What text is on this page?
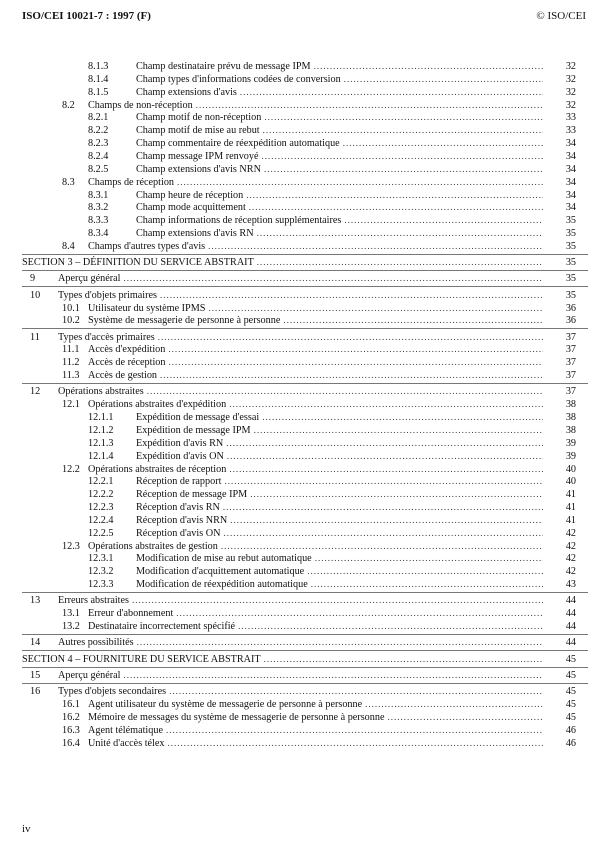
ISO/CEI 10021-7 : 1997 (F)	© ISO/CEI
8.1.3	Champ destinataire prévu de message IPM .....	32
8.1.4	Champ types d'informations codées de conversion .....	32
8.1.5	Champ extensions d'avis .....	32
8.2 Champs de non-réception .....	32
8.2.1	Champ motif de non-réception .....	33
8.2.2	Champ motif de mise au rebut .....	33
8.2.3	Champ commentaire de réexpédition automatique .....	34
8.2.4	Champ message IPM renvoyé .....	34
8.2.5	Champ extensions d'avis NRN .....	34
8.3 Champs de réception .....	34
8.3.1	Champ heure de réception .....	34
8.3.2	Champ mode acquittement .....	34
8.3.3	Champ informations de réception supplémentaires .....	35
8.3.4	Champ extensions d'avis RN .....	35
8.4 Champs d'autres types d'avis .....	35
SECTION 3 – DÉFINITION DU SERVICE ABSTRAIT .....	35
9 Aperçu général .....	35
10 Types d'objets primaires .....	35
10.1 Utilisateur du système IPMS .....	36
10.2 Système de messagerie de personne à personne .....	36
11 Types d'accès primaires .....	37
11.1 Accès d'expédition .....	37
11.2 Accès de réception .....	37
11.3 Accès de gestion .....	37
12 Opérations abstraites .....	37
12.1 Opérations abstraites d'expédition .....	38
12.1.1 Expédition de message d'essai .....	38
12.1.2 Expédition de message IPM .....	38
12.1.3 Expédition d'avis RN .....	39
12.1.4 Expédition d'avis ON .....	39
12.2 Opérations abstraites de réception .....	40
12.2.1 Réception de rapport .....	40
12.2.2 Réception de message IPM .....	41
12.2.3 Réception d'avis RN .....	41
12.2.4 Réception d'avis NRN .....	41
12.2.5 Réception d'avis ON .....	42
12.3 Opérations abstraites de gestion .....	42
12.3.1 Modification de mise au rebut automatique .....	42
12.3.2 Modification d'acquittement automatique .....	42
12.3.3 Modification de réexpédition automatique .....	43
13 Erreurs abstraites .....	44
13.1 Erreur d'abonnement .....	44
13.2 Destinataire incorrectement spécifié .....	44
14 Autres possibilités .....	44
SECTION 4 – FOURNITURE DU SERVICE ABSTRAIT .....	45
15 Aperçu général .....	45
16 Types d'objets secondaires .....	45
16.1 Agent utilisateur du système de messagerie de personne à personne .....	45
16.2 Mémoire de messages du système de messagerie de personne à personne .....	45
16.3 Agent télématique .....	46
16.4 Unité d'accès télex .....	46
iv
